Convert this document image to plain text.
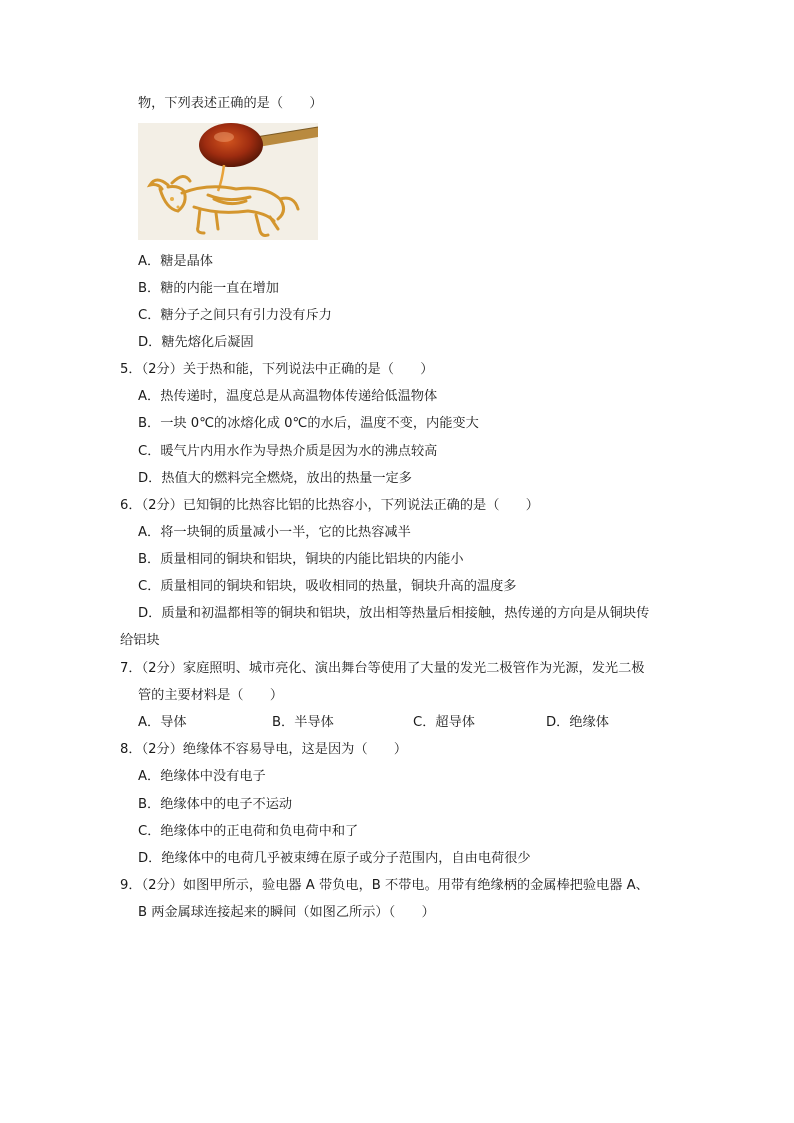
物，下列表述正确的是（　　）
A．糖是晶体
B．糖的内能一直在增加
C．糖分子之间只有引力没有斥力
D．糖先熔化后凝固
5．（2分）关于热和能，下列说法中正确的是（　　）
A．热传递时，温度总是从高温物体传递给低温物体
B．一块 0℃的冰熔化成 0℃的水后，温度不变，内能变大
C．暖气片内用水作为导热介质是因为水的沸点较高
D．热值大的燃料完全燃烧，放出的热量一定多
6．（2分）已知铜的比热容比铝的比热容小，下列说法正确的是（　　）
A．将一块铜的质量减小一半，它的比热容减半
B．质量相同的铜块和铝块，铜块的内能比铝块的内能小
C．质量相同的铜块和铝块，吸收相同的热量，铜块升高的温度多
D．质量和初温都相等的铜块和铝块，放出相等热量后相接触，热传递的方向是从铜块传
给铝块
7．（2分）家庭照明、城市亮化、演出舞台等使用了大量的发光二极管作为光源，发光二极
管的主要材料是（　　）
A．导体	B．半导体	C．超导体	D．绝缘体
8．（2分）绝缘体不容易导电，这是因为（　　）
A．绝缘体中没有电子
B．绝缘体中的电子不运动
C．绝缘体中的正电荷和负电荷中和了
D．绝缘体中的电荷几乎被束缚在原子或分子范围内，自由电荷很少
9．（2分）如图甲所示，验电器 A 带负电，B 不带电。用带有绝缘柄的金属棒把验电器 A、
B 两金属球连接起来的瞬间（如图乙所示）（　　）
